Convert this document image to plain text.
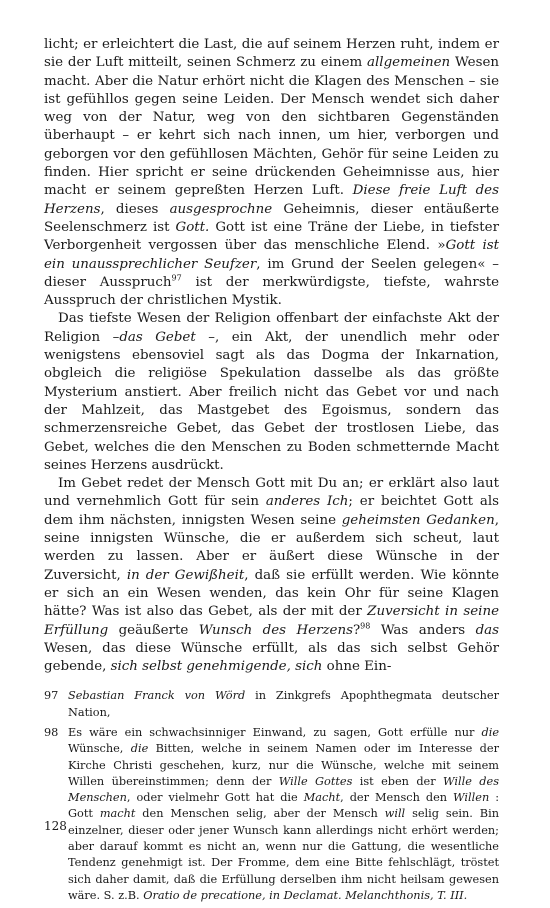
licht; er erleichtert die Last, die auf seinem Herzen ruht, indem er sie der Luft mitteilt, seinen Schmerz zu einem allgemeinen Wesen macht. Aber die Natur erhört nicht die Klagen des Menschen – sie ist gefühllos gegen seine Leiden. Der Mensch wendet sich daher weg von der Natur, weg von den sichtbaren Gegenständen überhaupt – er kehrt sich nach innen, um hier, verborgen und geborgen vor den gefühllosen Mächten, Gehör für seine Leiden zu finden. Hier spricht er seine drückenden Geheimnisse aus, hier macht er seinem gepreßten Herzen Luft. Diese freie Luft des Herzens, dieses ausgesprochne Geheimnis, dieser entäußerte Seelenschmerz ist Gott. Gott ist eine Träne der Liebe, in tiefster Verborgenheit vergossen über das menschliche Elend. »Gott ist ein unaussprechlicher Seufzer, im Grund der Seelen gelegen« – dieser Ausspruch$^{97}$ ist der merkwürdigste, tiefste, wahrste Ausspruch der christlichen Mystik.

Das tiefste Wesen der Religion offenbart der einfachste Akt der Religion –das Gebet –, ein Akt, der unendlich mehr oder wenigstens ebensoviel sagt als das Dogma der Inkarnation, obgleich die religiöse Spekulation dasselbe als das größte Mysterium anstiert. Aber freilich nicht das Gebet vor und nach der Mahlzeit, das Mastgebet des Egoismus, sondern das schmerzensreiche Gebet, das Gebet der trostlosen Liebe, das Gebet, welches die den Menschen zu Boden schmetternde Macht seines Herzens ausdrückt.

Im Gebet redet der Mensch Gott mit Du an; er erklärt also laut und vernehmlich Gott für sein anderes Ich; er beichtet Gott als dem ihm nächsten, innigsten Wesen seine geheimsten Gedanken, seine innigsten Wünsche, die er außerdem sich scheut, laut werden zu lassen. Aber er äußert diese Wünsche in der Zuversicht, in der Gewißheit, daß sie erfüllt werden. Wie könnte er sich an ein Wesen wenden, das kein Ohr für seine Klagen hätte? Was ist also das Gebet, als der mit der Zuversicht in seine Erfüllung geäußerte Wunsch des Herzens?$^{98}$ Was anders das Wesen, das diese Wünsche erfüllt, als das sich selbst Gehör gebende, sich selbst genehmigende, sich ohne Ein-

97 Sebastian Franck von Wörd in Zinkgrefs Apophthegmata deutscher Nation,
98 Es wäre ein schwachsinniger Einwand, zu sagen, Gott erfülle nur die Wünsche, die Bitten, welche in seinem Namen oder im Interesse der Kirche Christi geschehen, kurz, nur die Wünsche, welche mit seinem Willen übereinstimmen; denn der Wille Gottes ist eben der Wille des Menschen, oder vielmehr Gott hat die Macht, der Mensch den Willen : Gott macht den Menschen selig, aber der Mensch will selig sein. Bin einzelner, dieser oder jener Wunsch kann allerdings nicht erhört werden; aber darauf kommt es nicht an, wenn nur die Gattung, die wesentliche Tendenz genehmigt ist. Der Fromme, dem eine Bitte fehlschlägt, tröstet sich daher damit, daß die Erfüllung derselben ihm nicht heilsam gewesen wäre. S. z.B. Oratio de precatione, in Declamat. Melanchthonis, T. III.
128
